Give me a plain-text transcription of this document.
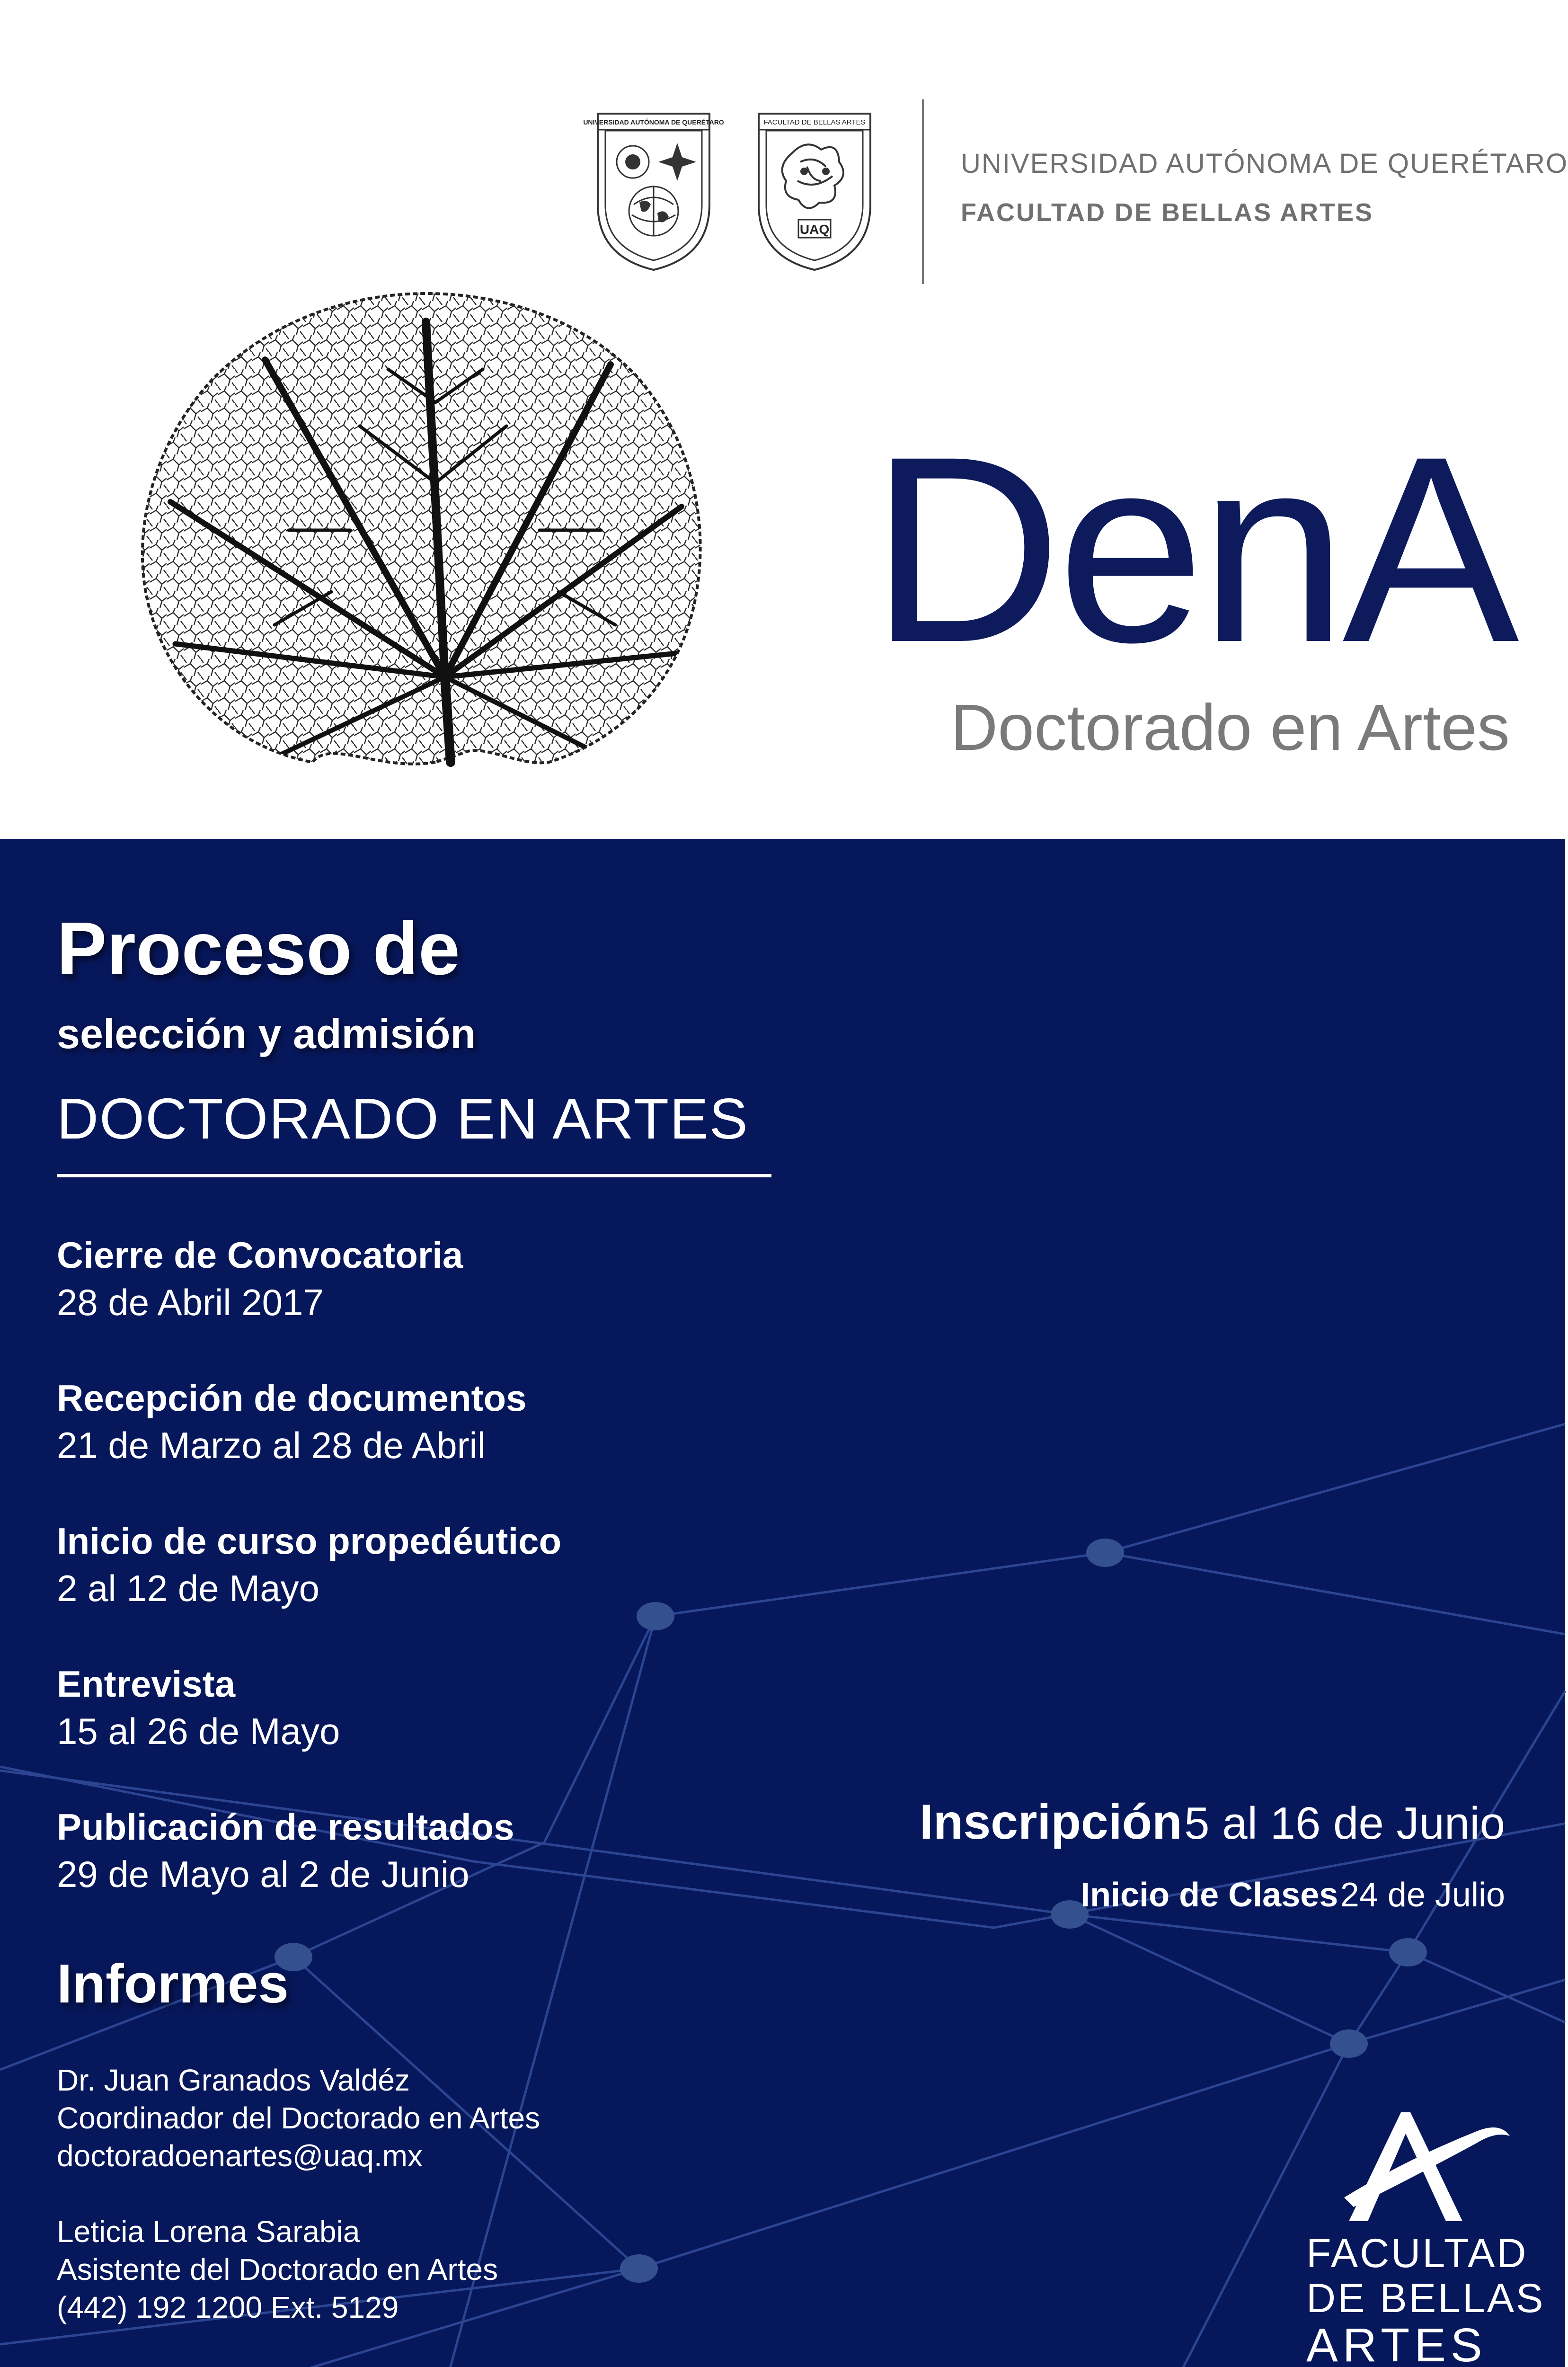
UNIVERSIDAD AUTÓNOMA DE QUERÉTARO	FACULTAD DE BELLAS ARTES
UAQ
UNIVERSIDAD AUTÓNOMA DE QUERÉTARO
FACULTAD DE BELLAS ARTES
DenA
Doctorado en Artes
Proceso de
selección y admisión
DOCTORADO EN ARTES
Cierre de Convocatoria
28 de Abril 2017
Recepción de documentos
21 de Marzo al 28 de Abril
Inicio de curso propedéutico
2 al 12 de Mayo
Entrevista
15 al 26 de Mayo
Publicación de resultados
29 de Mayo al 2 de Junio
Inscripción 5 al 16 de Junio
Inicio de Clases 24 de Julio
Informes
Dr. Juan Granados Valdéz
Coordinador del Doctorado en Artes
doctoradoenartes@uaq.mx
Leticia Lorena Sarabia
Asistente del Doctorado en Artes
(442) 192 1200 Ext. 5129
FACULTAD
DE BELLAS
ARTES
